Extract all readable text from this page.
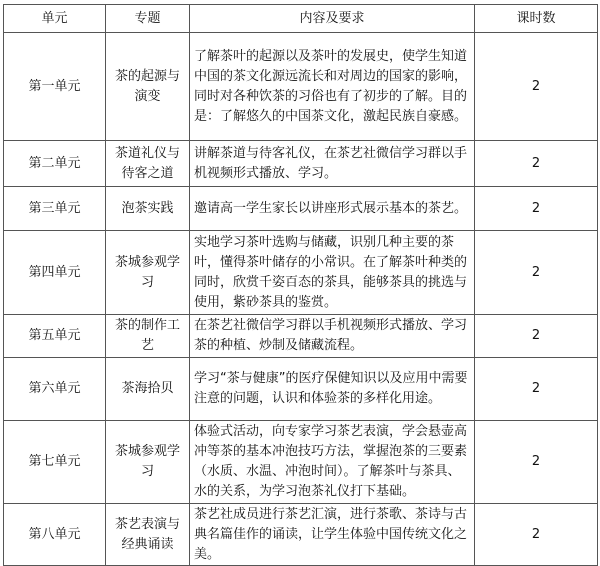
单元	专题	内容及要求	课时数
第一单元	茶的起源与演变	了解茶叶的起源以及茶叶的发展史，使学生知道中国的茶文化源远流长和对周边的国家的影响，同时对各种饮茶的习俗也有了初步的了解。目的是：了解悠久的中国茶文化，激起民族自豪感。	2
第二单元	茶道礼仪与待客之道	讲解茶道与待客礼仪，在茶艺社微信学习群以手机视频形式播放、学习。	2
第三单元	泡茶实践	邀请高一学生家长以讲座形式展示基本的茶艺。	2
第四单元	茶城参观学习	实地学习茶叶选购与储藏，识别几种主要的茶叶，懂得茶叶储存的小常识。在了解茶叶种类的同时，欣赏千姿百态的茶具，能够茶具的挑选与使用，紫砂茶具的鉴赏。	2
第五单元	茶的制作工艺	在茶艺社微信学习群以手机视频形式播放、学习茶的种植、炒制及储藏流程。	2
第六单元	茶海拾贝	学习“茶与健康”的医疗保健知识以及应用中需要注意的问题，认识和体验茶的多样化用途。	2
第七单元	茶城参观学习	体验式活动，向专家学习茶艺表演，学会悬壶高冲等茶的基本冲泡技巧方法，掌握泡茶的三要素（水质、水温、冲泡时间）。了解茶叶与茶具、水的关系，为学习泡茶礼仪打下基础。	2
第八单元	茶艺表演与经典诵读	茶艺社成员进行茶艺汇演，进行茶歌、茶诗与古典名篇佳作的诵读，让学生体验中国传统文化之美。	2
